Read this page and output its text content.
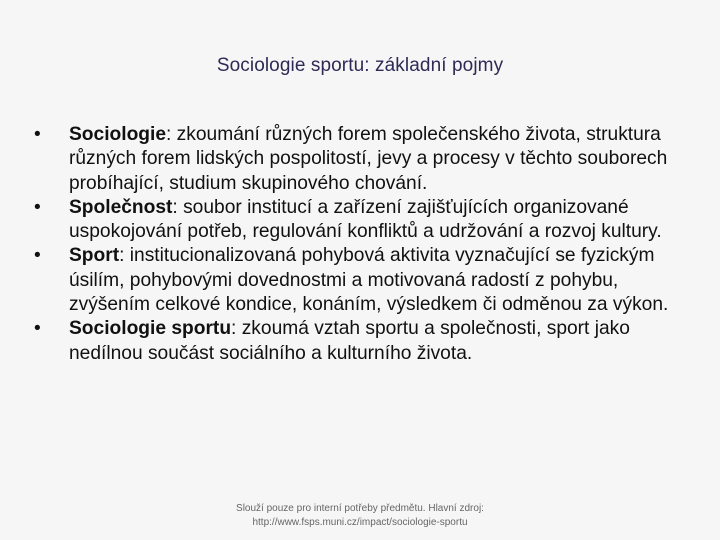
Sociologie sportu: základní pojmy
•	Sociologie: zkoumání různých forem společenského života, struktura různých forem lidských pospolitostí, jevy a procesy v těchto souborech probíhající, studium skupinového chování.
•	Společnost: soubor institucí a zařízení zajišťujících organizované uspokojování potřeb, regulování konfliktů a udržování a rozvoj kultury.
•	Sport: institucionalizovaná pohybová aktivita vyznačující se fyzickým úsilím, pohybovými dovednostmi a motivovaná radostí z pohybu, zvýšením celkové kondice, konáním, výsledkem či odměnou za výkon.
•	Sociologie sportu: zkoumá vztah sportu a společnosti, sport jako nedílnou součást sociálního a kulturního života.
Slouží pouze pro interní potřeby předmětu. Hlavní zdroj:
http://www.fsps.muni.cz/impact/sociologie-sportu
